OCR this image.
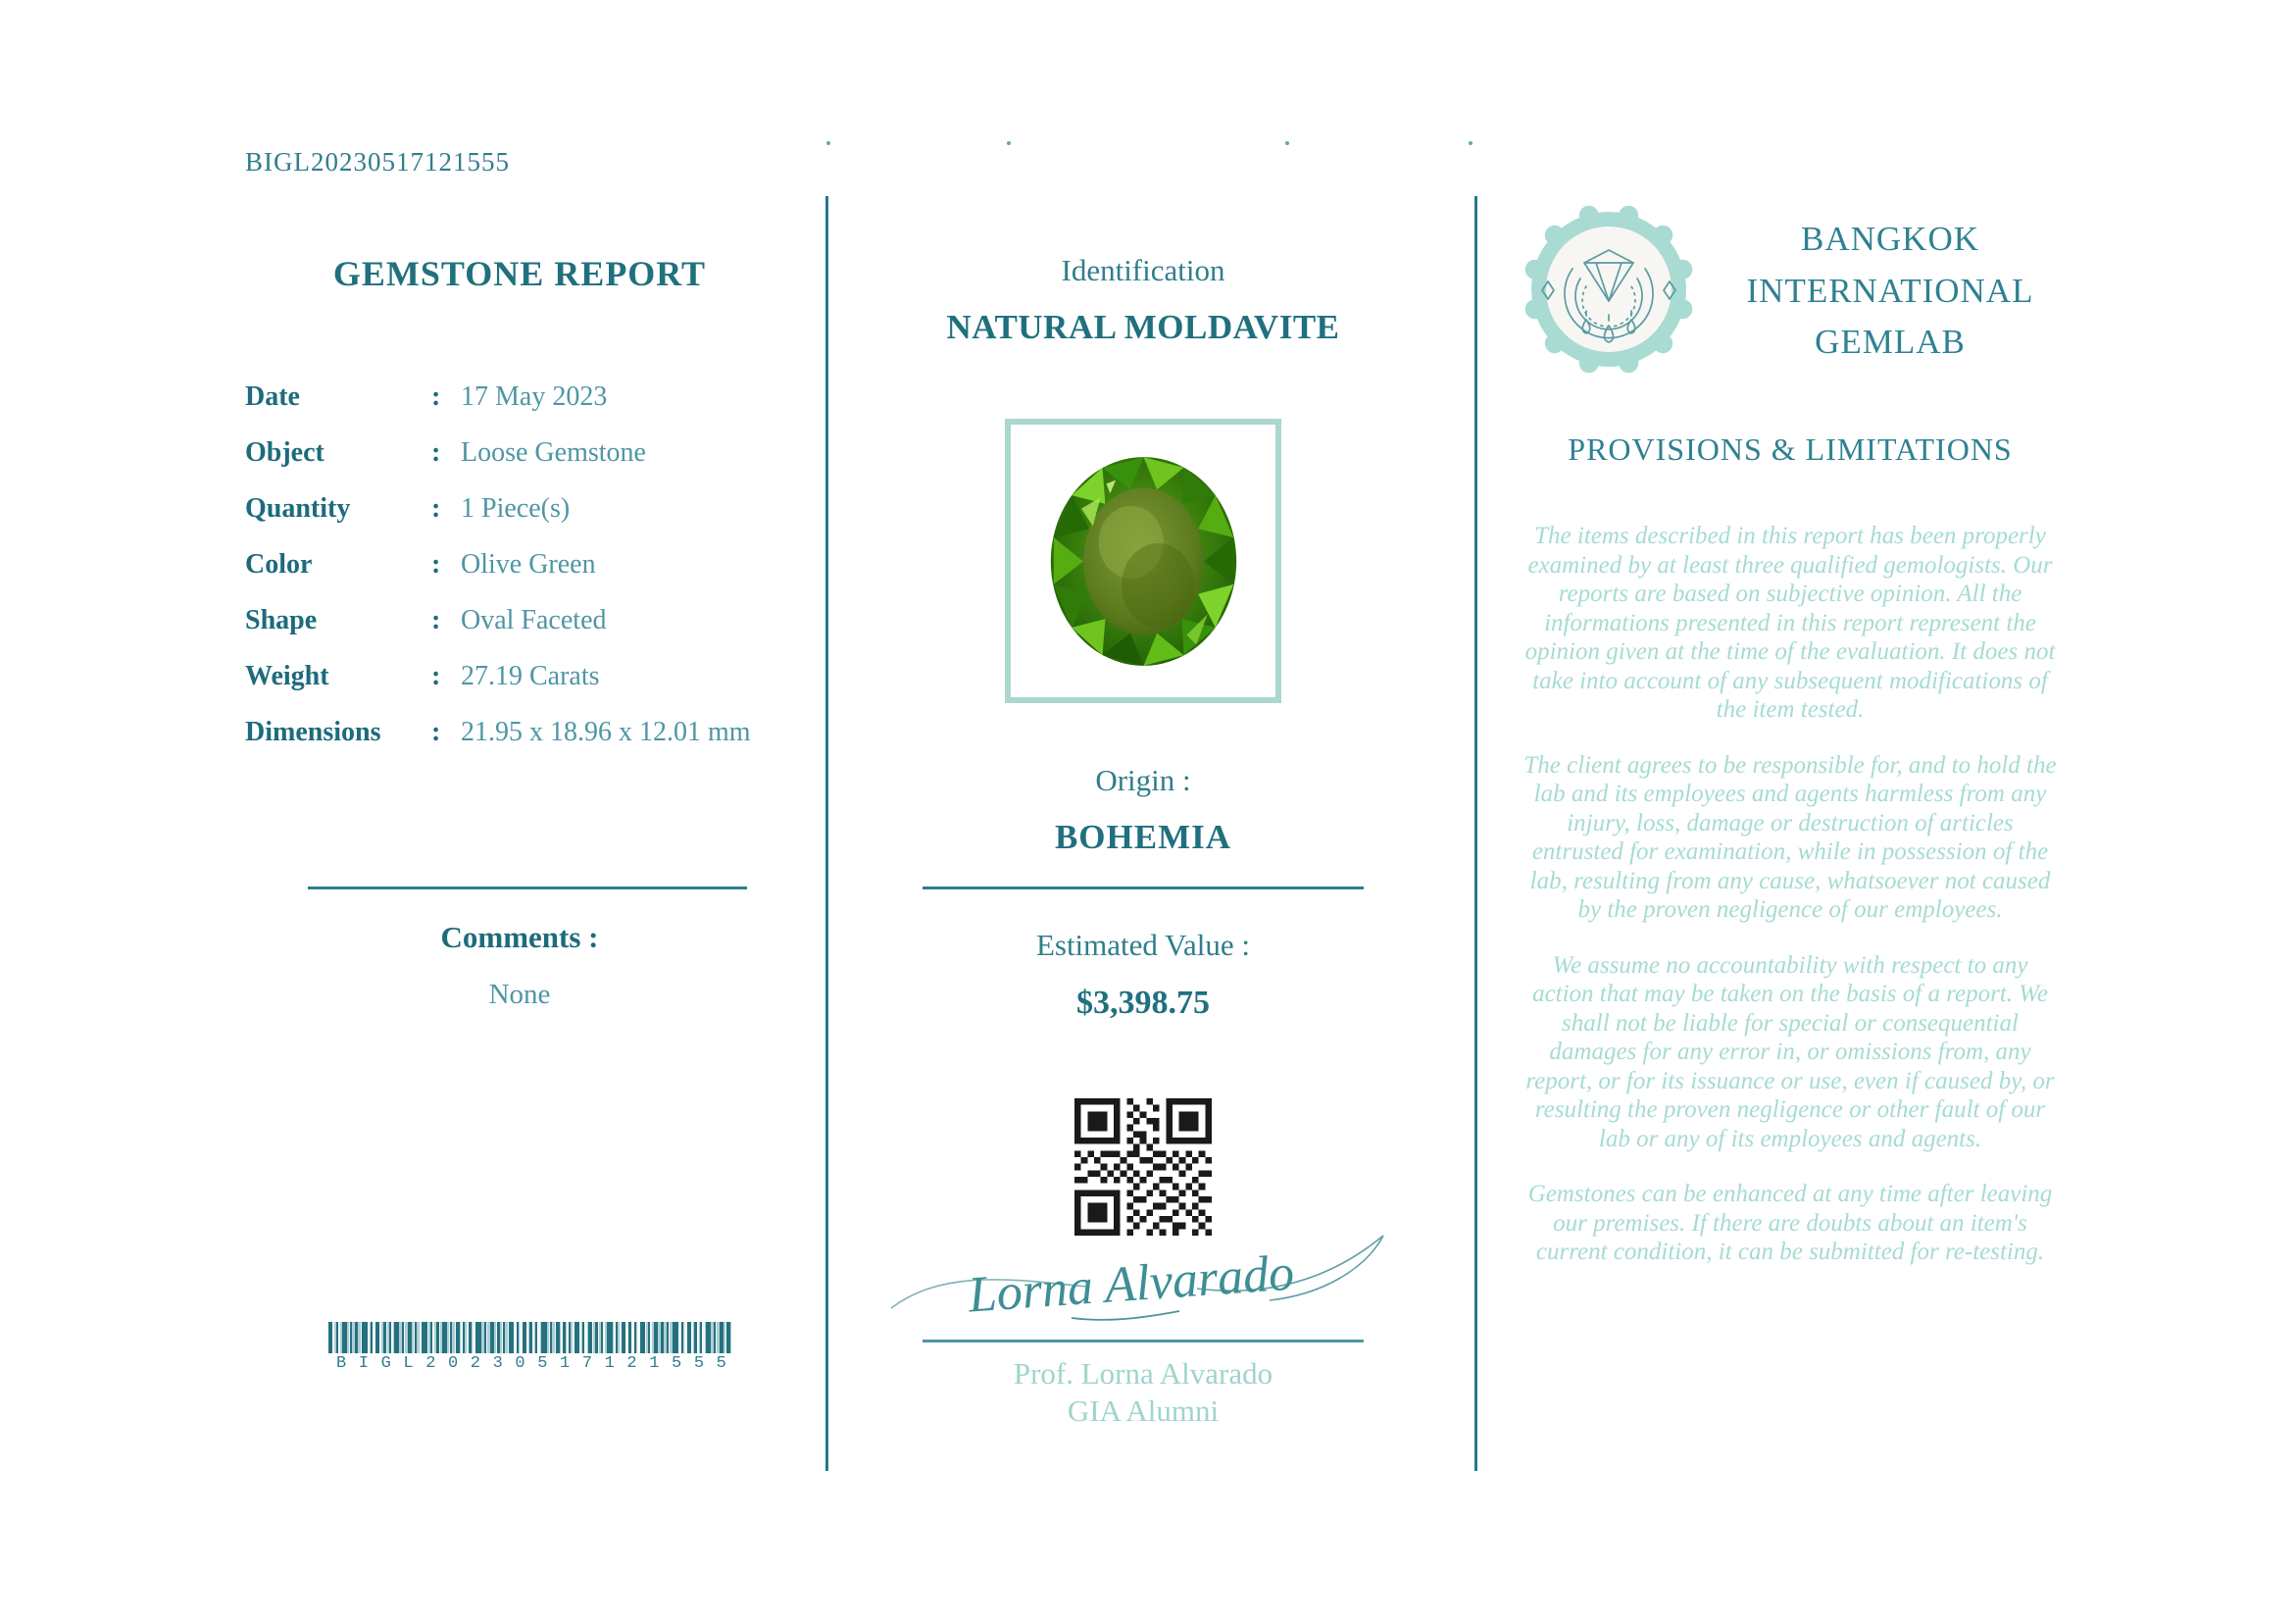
BIGL20230517121555
GEMSTONE REPORT
Date	: 17 May 2023
Object	: Loose Gemstone
Quantity	: 1 Piece(s)
Color	: Olive Green
Shape	: Oval Faceted
Weight	: 27.19 Carats
Dimensions	: 21.95 x 18.96 x 12.01 mm
Comments :
None
BIGL20230517121555
Identification
NATURAL MOLDAVITE
Origin :
BOHEMIA
Estimated Value :
$3,398.75
Lorna Alvarado
Prof. Lorna Alvarado
GIA Alumni
BANGKOK
INTERNATIONAL
GEMLAB
PROVISIONS & LIMITATIONS

The items described in this report has been properly examined by at least three qualified gemologists. Our reports are based on subjective opinion. All the informations presented in this report represent the opinion given at the time of the evaluation. It does not take into account of any subsequent modifications of the item tested.

The client agrees to be responsible for, and to hold the lab and its employees and agents harmless from any injury, loss, damage or destruction of articles entrusted for examination, while in possession of the lab, resulting from any cause, whatsoever not caused by the proven negligence of our employees.

We assume no accountability with respect to any action that may be taken on the basis of a report. We shall not be liable for special or consequential damages for any error in, or omissions from, any report, or for its issuance or use, even if caused by, or resulting the proven negligence or other fault of our lab or any of its employees and agents.

Gemstones can be enhanced at any time after leaving our premises. If there are doubts about an item's current condition, it can be submitted for re-testing.
